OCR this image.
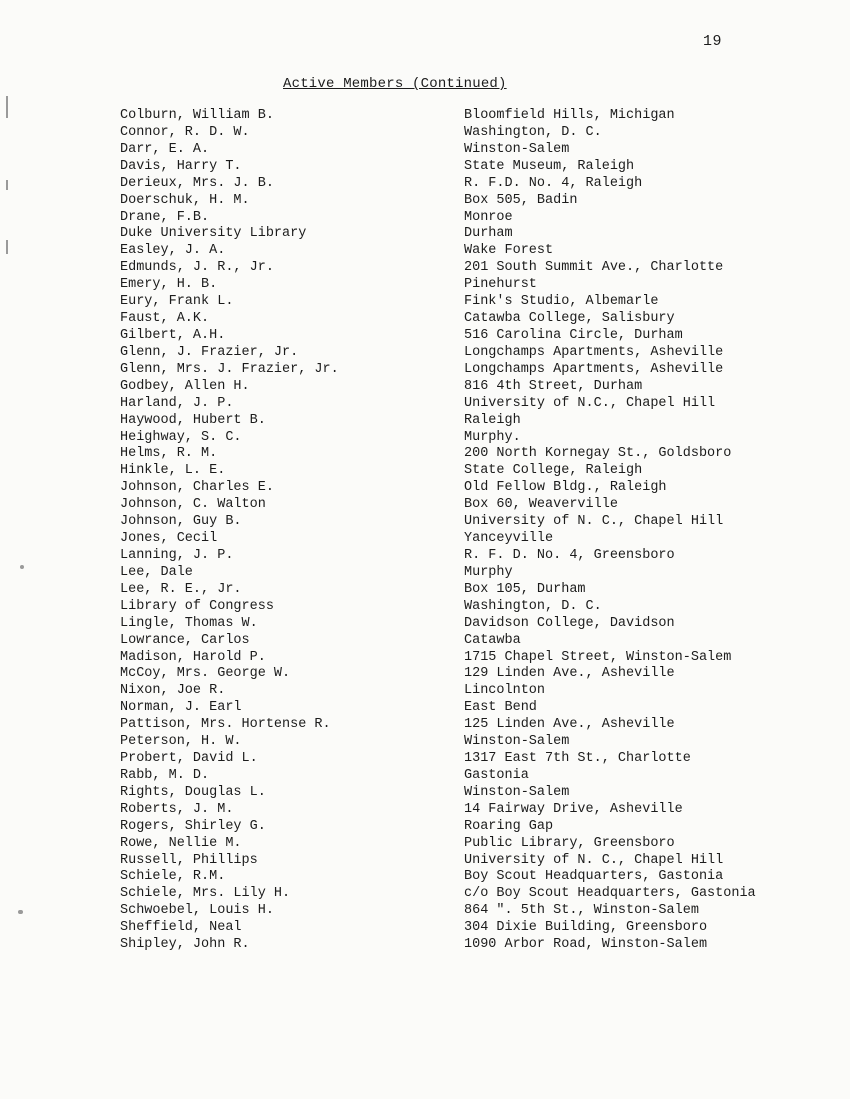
19
Active Members (Continued)
Colburn, William B.	Bloomfield Hills, Michigan
Connor, R. D. W.	Washington, D. C.
Darr, E. A.	Winston-Salem
Davis, Harry T.	State Museum, Raleigh
Derieux, Mrs. J. B.	R. F.D. No. 4, Raleigh
Doerschuk, H. M.	Box 505, Badin
Drane, F.B.	Monroe
Duke University Library	Durham
Easley, J. A.	Wake Forest
Edmunds, J. R., Jr.	201 South Summit Ave., Charlotte
Emery, H. B.	Pinehurst
Eury, Frank L.	Fink's Studio, Albemarle
Faust, A.K.	Catawba College, Salisbury
Gilbert, A.H.	516 Carolina Circle, Durham
Glenn, J. Frazier, Jr.	Longchamps Apartments, Asheville
Glenn, Mrs. J. Frazier, Jr.	Longchamps Apartments, Asheville
Godbey, Allen H.	816 4th Street, Durham
Harland, J. P.	University of N.C., Chapel Hill
Haywood, Hubert B.	Raleigh
Heighway, S. C.	Murphy.
Helms, R. M.	200 North Kornegay St., Goldsboro
Hinkle, L. E.	State College, Raleigh
Johnson, Charles E.	Old Fellow Bldg., Raleigh
Johnson, C. Walton	Box 60, Weaverville
Johnson, Guy B.	University of N. C., Chapel Hill
Jones, Cecil	Yanceyville
Lanning, J. P.	R. F. D. No. 4, Greensboro
Lee, Dale	Murphy
Lee, R. E., Jr.	Box 105, Durham
Library of Congress	Washington, D. C.
Lingle, Thomas W.	Davidson College, Davidson
Lowrance, Carlos	Catawba
Madison, Harold P.	1715 Chapel Street, Winston-Salem
McCoy, Mrs. George W.	129 Linden Ave., Asheville
Nixon, Joe R.	Lincolnton
Norman, J. Earl	East Bend
Pattison, Mrs. Hortense R.	125 Linden Ave., Asheville
Peterson, H. W.	Winston-Salem
Probert, David L.	1317 East 7th St., Charlotte
Rabb, M. D.	Gastonia
Rights, Douglas L.	Winston-Salem
Roberts, J. M.	14 Fairway Drive, Asheville
Rogers, Shirley G.	Roaring Gap
Rowe, Nellie M.	Public Library, Greensboro
Russell, Phillips	University of N. C., Chapel Hill
Schiele, R.M.	Boy Scout Headquarters, Gastonia
Schiele, Mrs. Lily H.	c/o Boy Scout Headquarters, Gastonia
Schwoebel, Louis H.	864 ". 5th St., Winston-Salem
Sheffield, Neal	304 Dixie Building, Greensboro
Shipley, John R.	1090 Arbor Road, Winston-Salem
